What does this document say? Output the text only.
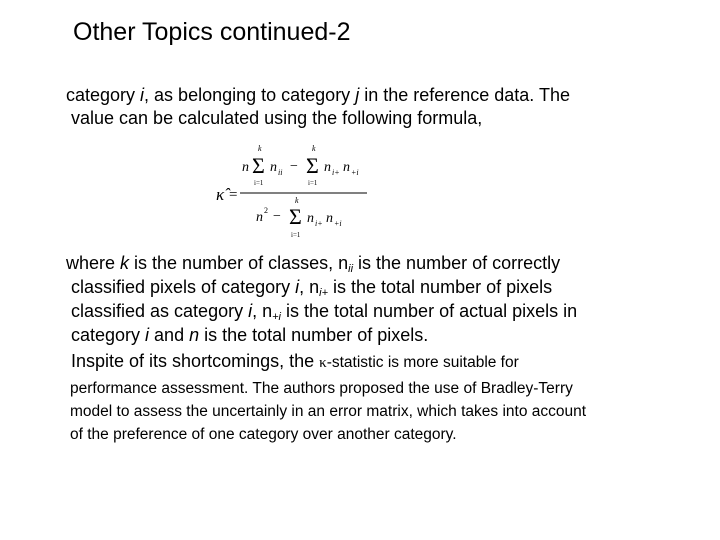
Other Topics continued-2
category i, as belonging to category j in the reference data. The
value can be calculated using the following formula,
κ̂ =
n
k
Σ
i=1
n ii −
k
Σ
i=1
n i+ n +i
n 2 −
k
Σ
i=1
n i+ n +i
where k is the number of classes, $n_{ii}$ is the number of correctly
classified pixels of category i, $n_{i+}$ is the total number of pixels
classified as category i, $n_{+i}$ is the total number of actual pixels in
category i and n is the total number of pixels.
Inspite of its shortcomings, the κ-statistic is more suitable for
performance assessment. The authors proposed the use of Bradley-Terry
model to assess the uncertainly in an error matrix, which takes into account
of the preference of one category over another category.
